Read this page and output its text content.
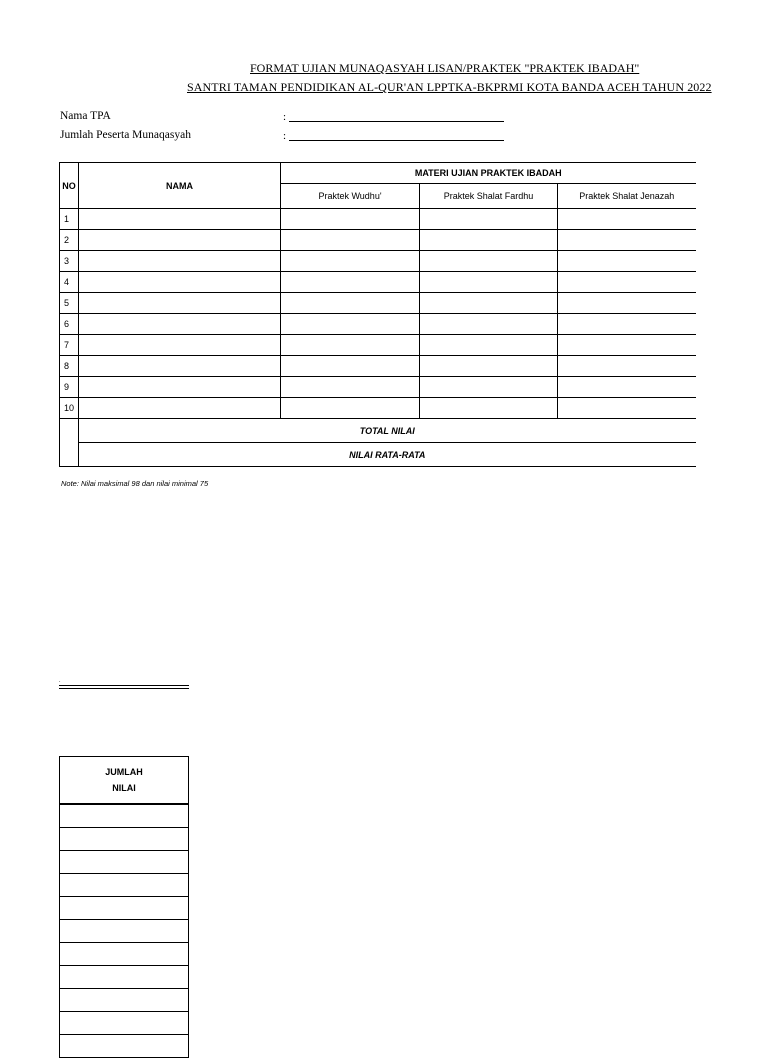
FORMAT UJIAN MUNAQASYAH LISAN/PRAKTEK "PRAKTEK IBADAH"
SANTRI TAMAN PENDIDIKAN AL-QUR'AN LPPTKA-BKPRMI KOTA BANDA ACEH TAHUN 2022
Nama TPA	:
Jumlah Peserta Munaqasyah	:
NO	NAMA	MATERI UJIAN PRAKTEK IBADAH		
		Praktek Wudhu'	Praktek Shalat Fardhu	Praktek Shalat Jenazah
1				
2				
3				
4				
5				
6				
7				
8				
9				
10				
	TOTAL NILAI			
	NILAI RATA-RATA			
Note: Nilai maksimal 98 dan nilai minimal 75
.
JUMLAH
NILAI
